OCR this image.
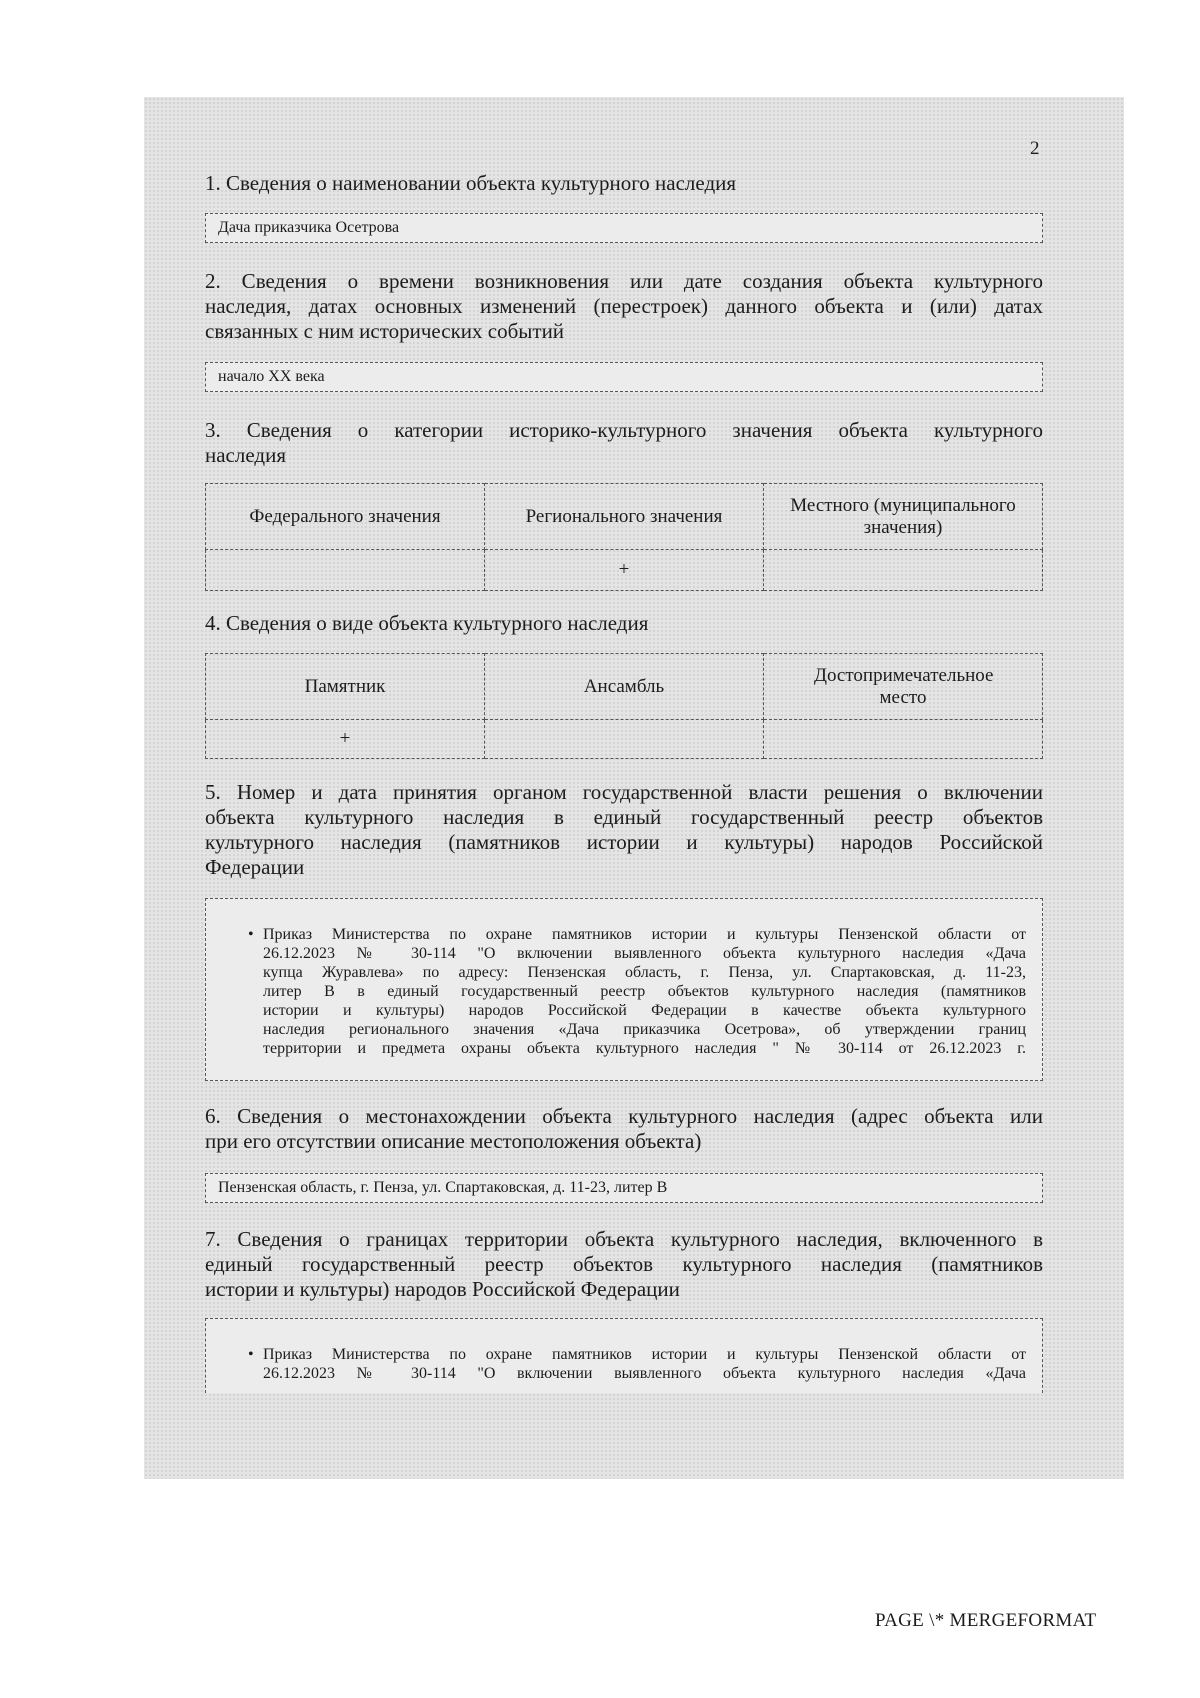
2
1. Сведения о наименовании объекта культурного наследия
Дача приказчика Осетрова
2. Сведения о времени возникновения или дате создания объекта культурного
наследия, датах основных изменений (перестроек) данного объекта и (или) датах
связанных с ним исторических событий
начало XX века
3. Сведения о категории историко-культурного значения объекта культурного
наследия
Федерального значения	Регионального значения	Местного (муниципального значения)
	+	
4. Сведения о виде объекта культурного наследия
Памятник	Ансамбль	Достопримечательное место
+		
5. Номер и дата принятия органом государственной власти решения о включении
объекта культурного наследия в единый государственный реестр объектов
культурного наследия (памятников истории и культуры) народов Российской
Федерации
• Приказ Министерства по охране памятников истории и культуры Пензенской области от
26.12.2023 № 30-114 "О включении выявленного объекта культурного наследия «Дача
купца Журавлева» по адресу: Пензенская область, г. Пенза, ул. Спартаковская, д. 11-23,
литер В в единый государственный реестр объектов культурного наследия (памятников
истории и культуры) народов Российской Федерации в качестве объекта культурного
наследия регионального значения «Дача приказчика Осетрова», об утверждении границ
территории и предмета охраны объекта культурного наследия " № 30-114 от 26.12.2023 г.
6. Сведения о местонахождении объекта культурного наследия (адрес объекта или
при его отсутствии описание местоположения объекта)
Пензенская область, г. Пенза, ул. Спартаковская, д. 11-23, литер В
7. Сведения о границах территории объекта культурного наследия, включенного в
единый государственный реестр объектов культурного наследия (памятников
истории и культуры) народов Российской Федерации
• Приказ Министерства по охране памятников истории и культуры Пензенской области от
26.12.2023 № 30-114 "О включении выявленного объекта культурного наследия «Дача
PAGE \* MERGEFORMAT
